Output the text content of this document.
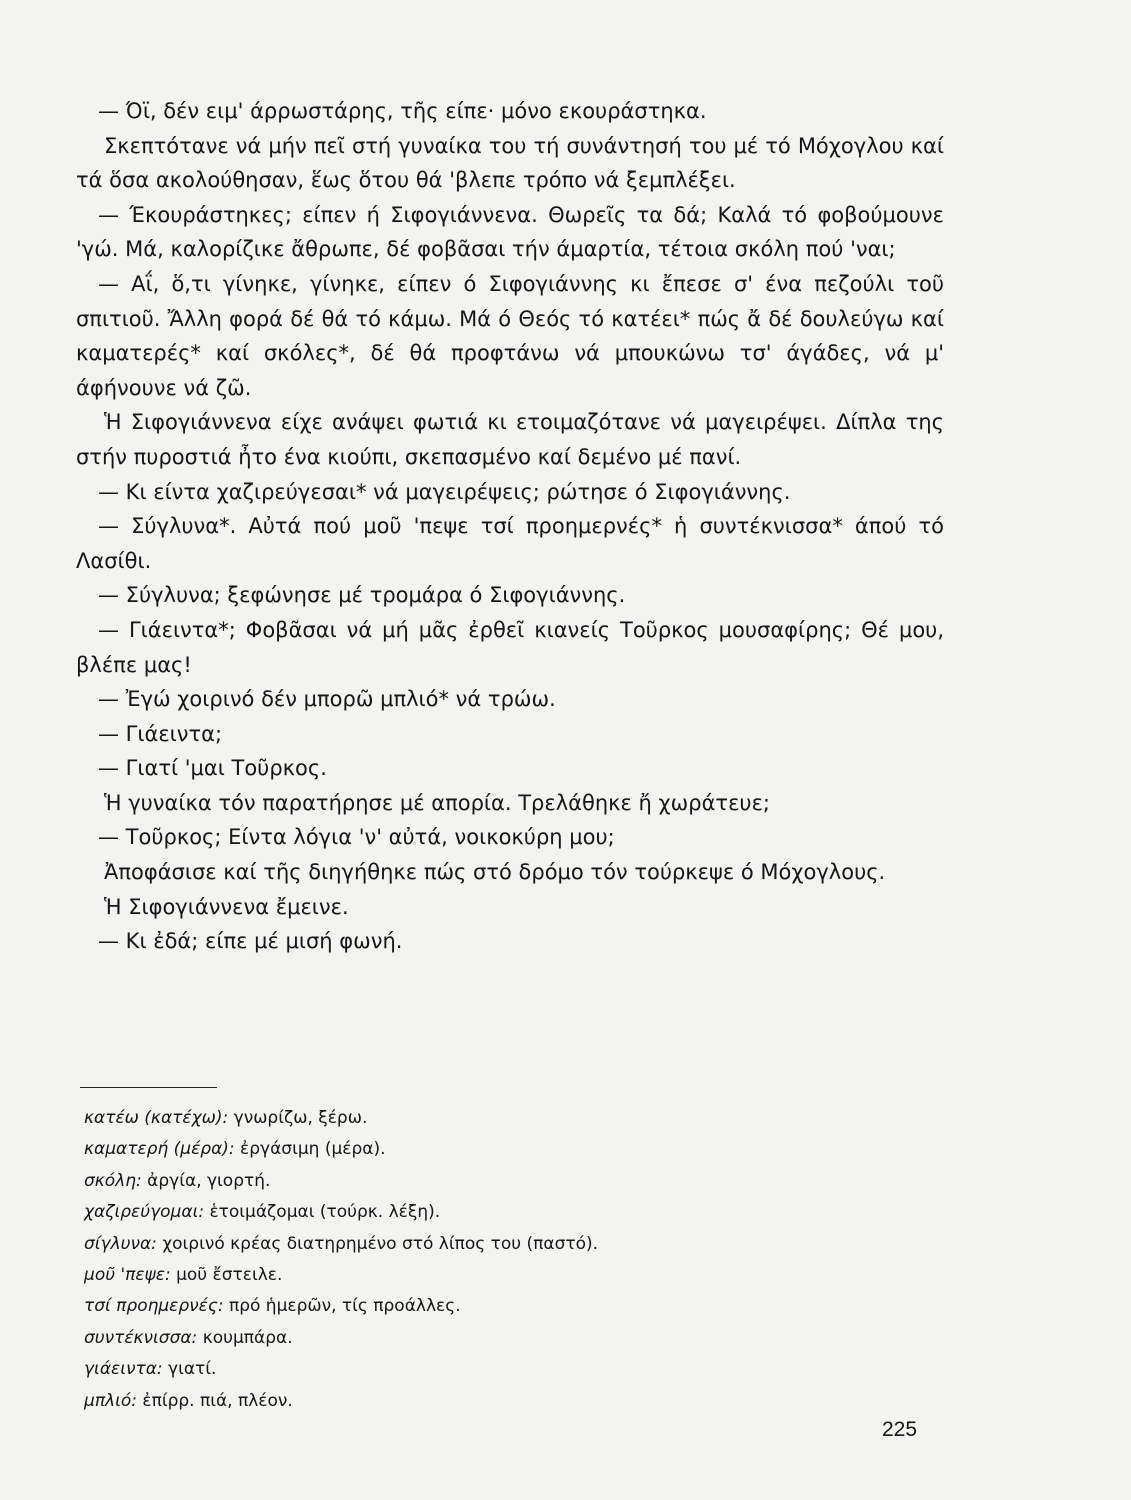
— Όϊ, δέν ειμ' άρρωστάρης, τῆς είπε· μόνο εκουράστηκα.

Σκεπτότανε νά μήν πεῖ στή γυναίκα του τή συνάντησή του μέ τό Μόχογλου καί τά ὅσα ακολούθησαν, ἕως ὅτου θά 'βλεπε τρόπο νά ξεμπλέξει.

— Έκουράστηκες; είπεν ή Σιφογιάννενα. Θωρεῖς τα δά; Καλά τό φοβούμουνε 'γώ. Μά, καλορίζικε ἄθρωπε, δέ φοβᾶσαι τήν άμαρτία, τέτοια σκόλη πού 'ναι;

— Αΐ, ὅ,τι γίνηκε, γίνηκε, είπεν ό Σιφογιάννης κι ἔπεσε σ' ένα πεζούλι τοῦ σπιτιοῦ. Ἄλλη φορά δέ θά τό κάμω. Μά ό Θεός τό κατέει* πώς ἄ δέ δουλεύγω καί καματερές* καί σκόλες*, δέ θά προφτάνω νά μπουκώνω τσ' άγάδες, νά μ' άφήνουνε νά ζῶ.

Ἡ Σιφογιάννενα είχε ανάψει φωτιά κι ετοιμαζότανε νά μαγειρέψει. Δίπλα της στήν πυροστιά ἦτο ένα κιούπι, σκεπασμένο καί δεμένο μέ πανί.

— Κι είντα χαζιρεύγεσαι* νά μαγειρέψεις; ρώτησε ό Σιφογιάννης.

— Σύγλυνα*. Αὐτά πού μοῦ 'πεψε τσί προημερνές* ἡ συντέκνισσα* άπού τό Λασίθι.

— Σύγλυνα; ξεφώνησε μέ τρομάρα ό Σιφογιάννης.

— Γιάειντα*; Φοβᾶσαι νά μή μᾶς ἐρθεῖ κιανείς Τοῦρκος μουσαφίρης; Θέ μου, βλέπε μας!

— Ἐγώ χοιρινό δέν μπορῶ μπλιό* νά τρώω.

— Γιάειντα;

— Γιατί 'μαι Τοῦρκος.

Ἡ γυναίκα τόν παρατήρησε μέ απορία. Τρελάθηκε ἤ χωράτευε;

— Τοῦρκος; Είντα λόγια 'ν' αὐτά, νοικοκύρη μου;

Ἀποφάσισε καί τῆς διηγήθηκε πώς στό δρόμο τόν τούρκεψε ό Μόχογλους.

Ἡ Σιφογιάννενα ἔμεινε.

— Κι ἐδά; είπε μέ μισή φωνή.

κατέω (κατέχω): γνωρίζω, ξέρω.
καματερή (μέρα): ἐργάσιμη (μέρα).
σκόλη: ἀργία, γιορτή.
χαζιρεύγομαι: ἑτοιμάζομαι (τούρκ. λέξη).
σίγλυνα: χοιρινό κρέας διατηρημένο στό λίπος του (παστό).
μοῦ 'πεψε: μοῦ ἔστειλε.
τσί προημερνές: πρό ἡμερῶν, τίς προάλλες.
συντέκνισσα: κουμπάρα.
γιάειντα: γιατί.
μπλιό: ἐπίρρ. πιά, πλέον.
225
